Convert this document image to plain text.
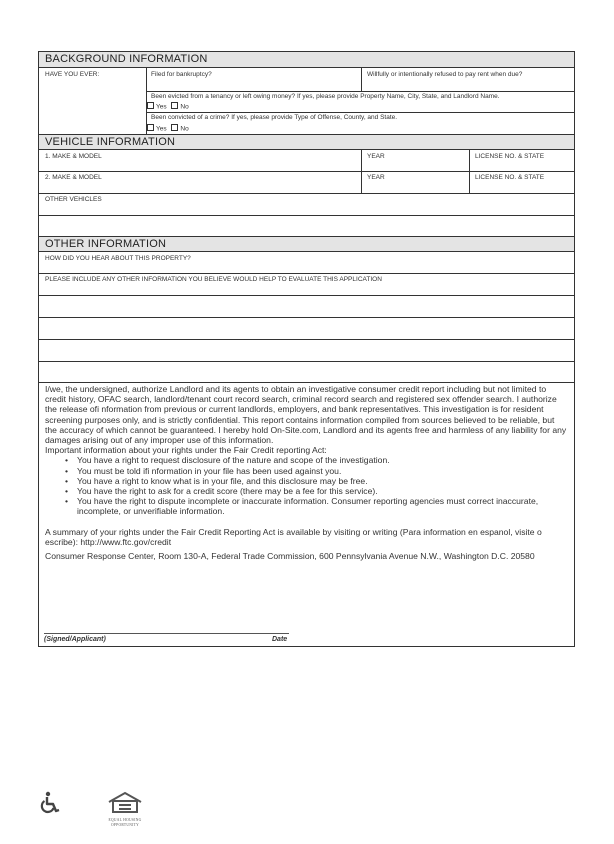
BACKGROUND INFORMATION
HAVE YOU EVER:	Filed for bankruptcy?	Willfully or intentionally refused to pay rent when due?
Been evicted from a tenancy or left owing money? If yes, please provide Property Name, City, State, and Landlord Name.
Yes No
Been convicted of a crime? If yes, please provide Type of Offense, County, and State.
Yes No
VEHICLE INFORMATION
1. MAKE & MODEL	YEAR	LICENSE NO. & STATE
2. MAKE & MODEL	YEAR	LICENSE NO. & STATE
OTHER VEHICLES
OTHER INFORMATION
HOW DID YOU HEAR ABOUT THIS PROPERTY?
PLEASE INCLUDE ANY OTHER INFORMATION YOU BELIEVE WOULD HELP TO EVALUATE THIS APPLICATION

I/we, the undersigned, authorize Landlord and its agents to obtain an investigative consumer credit report including but not limited to credit history, OFAC search, landlord/tenant court record search, criminal record search and registered sex offender search. I authorize the release ofi nformation from previous or current landlords, employers, and bank representatives. This investigation is for resident screening purposes only, and is strictly confidential. This report contains information compiled from sources believed to be reliable, but the accuracy of which cannot be guaranteed. I hereby hold On-Site.com, Landlord and its agents free and harmless of any liability for any damages arising out of any improper use of this information.

Important information about your rights under the Fair Credit reporting Act:

• You have a right to request disclosure of the nature and scope of the investigation.
• You must be told ifi nformation in your file has been used against you.
• You have a right to know what is in your file, and this disclosure may be free.
• You have the right to ask for a credit score (there may be a fee for this service).
• You have the right to dispute incomplete or inaccurate information. Consumer reporting agencies must correct inaccurate, incomplete, or unverifiable information.

A summary of your rights under the Fair Credit Reporting Act is available by visiting or writing (Para information en espanol, visite o escribe): http://www.ftc.gov/credit

Consumer Response Center, Room 130-A, Federal Trade Commission, 600 Pennsylvania Avenue N.W., Washington D.C. 20580

(Signed/Applicant)	Date
EQUAL HOUSING OPPORTUNITY
